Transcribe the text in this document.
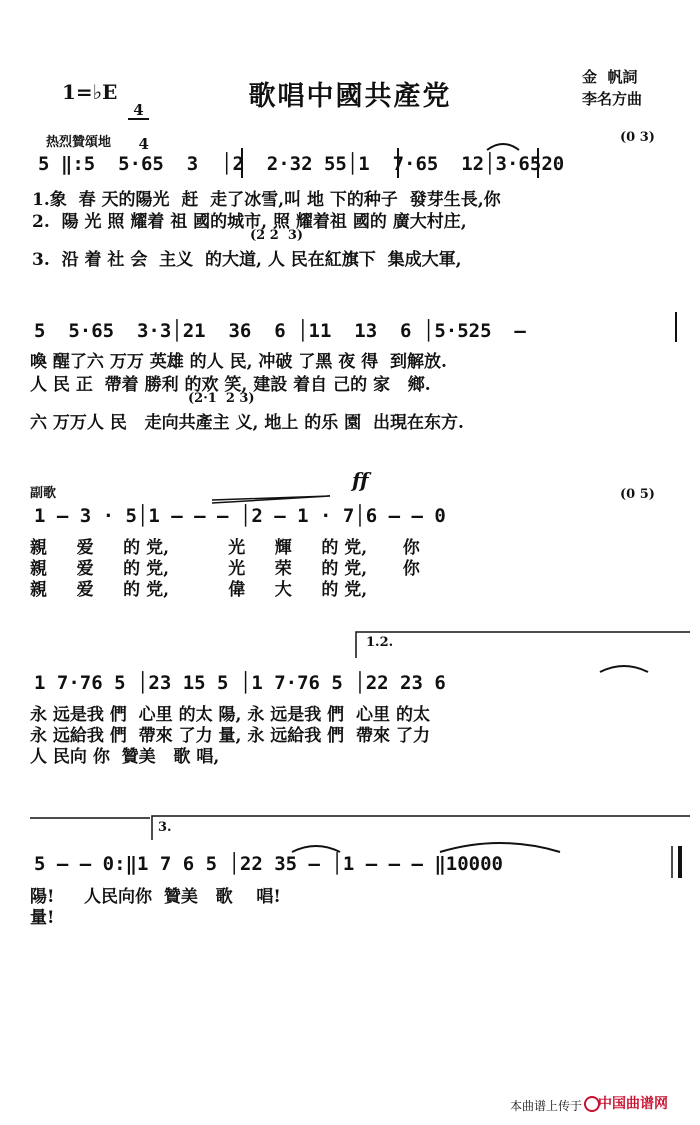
1=♭E

4

4

歌唱中國共產党
金  帆詞
李名方曲
热烈贊頌地	(0 3)
5 ‖:5  5·65  3  │2  2·32 55│1  7·65  12│3·6520
1.象  春 天的陽光  赶  走了冰雪,叫 地 下的种子  發芽生長,你
2.  陽 光 照 耀着 祖 國的城市, 照 耀着祖 國的 廣大村庄,
(2 2  3)
3.  沿 着 社 会  主义  的大道, 人 民在紅旗下  集成大軍,
5  5·65  3·3│21  36  6 │11  13  6 │5·525  –
喚 醒了六 万万 英雄 的人 民, 冲破 了黑 夜 得  到解放.
人 民 正  帶着 勝利 的欢 笑, 建設 着自 己的 家   鄉.
(2·1  2 3)
六 万万人 民   走向共產主 义, 地上 的乐 園  出現在东方.
副歌
ff
(0 5)
1 – 3 · 5│1 – – – │2 – 1 · 7│6 – – 0
親     爱     的 党,          光     輝     的 党,      你
親     爱     的 党,          光     荣     的 党,      你
親     爱     的 党,          偉     大     的 党,
1.2.
1 7·76 5 │23 15 5 │1 7·76 5 │22 23 6
永 远是我 們  心里 的太 陽, 永 远是我 們  心里 的太
永 远給我 們  帶來 了力 量, 永 远給我 們  帶來 了力
人 民向 你  贊美   歌 唱,
3.
5 – – 0:‖1 7 6 5 │22 35 – │1 – – – ‖10000
陽!     人民向你  贊美   歌    唱!
量!
本曲谱上传于 中国曲谱网
